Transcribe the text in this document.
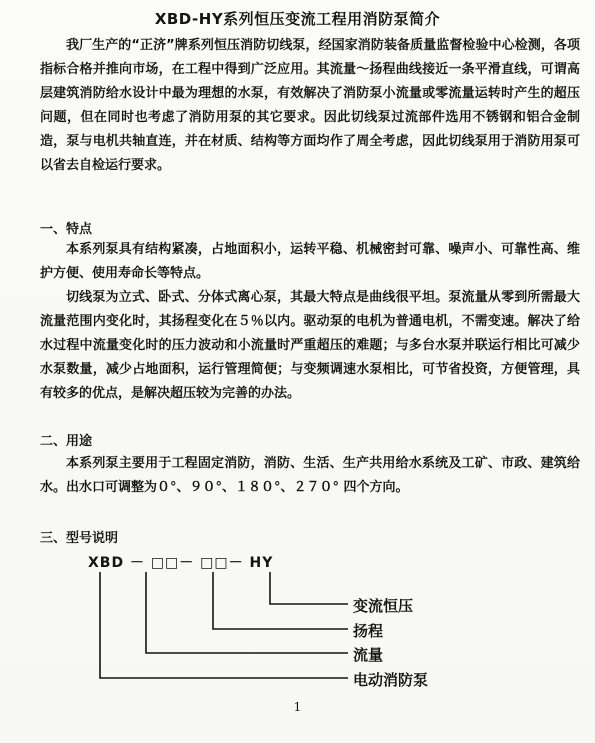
XBD-HY系列恒压变流工程用消防泵简介

我厂生产的“正济”牌系列恒压消防切线泵，经国家消防装备质量监督检验中心检测，各项指标合格并推向市场，在工程中得到广泛应用。其流量～扬程曲线接近一条平滑直线，可谓高层建筑消防给水设计中最为理想的水泵，有效解决了消防泵小流量或零流量运转时产生的超压问题，但在同时也考虑了消防用泵的其它要求。因此切线泵过流部件选用不锈钢和铝合金制造，泵与电机共轴直连，并在材质、结构等方面均作了周全考虑，因此切线泵用于消防用泵可以省去自检运行要求。

一、特点

本系列泵具有结构紧凑，占地面积小，运转平稳、机械密封可靠、噪声小、可靠性高、维护方便、使用寿命长等特点。

切线泵为立式、卧式、分体式离心泵，其最大特点是曲线很平坦。泵流量从零到所需最大流量范围内变化时，其扬程变化在５％以内。驱动泵的电机为普通电机，不需变速。解决了给水过程中流量变化时的压力波动和小流量时严重超压的难题；与多台水泵并联运行相比可减少水泵数量，减少占地面积，运行管理简便；与变频调速水泵相比，可节省投资，方便管理，具有较多的优点，是解决超压较为完善的办法。

二、用途

本系列泵主要用于工程固定消防，消防、生活、生产共用给水系统及工矿、市政、建筑给水。出水口可调整为０°、９０°、１８０°、２７０° 四个方向。

三、型号说明
XBD － □□－ □□－ HY
变流恒压
扬程
流量
电动消防泵
1
